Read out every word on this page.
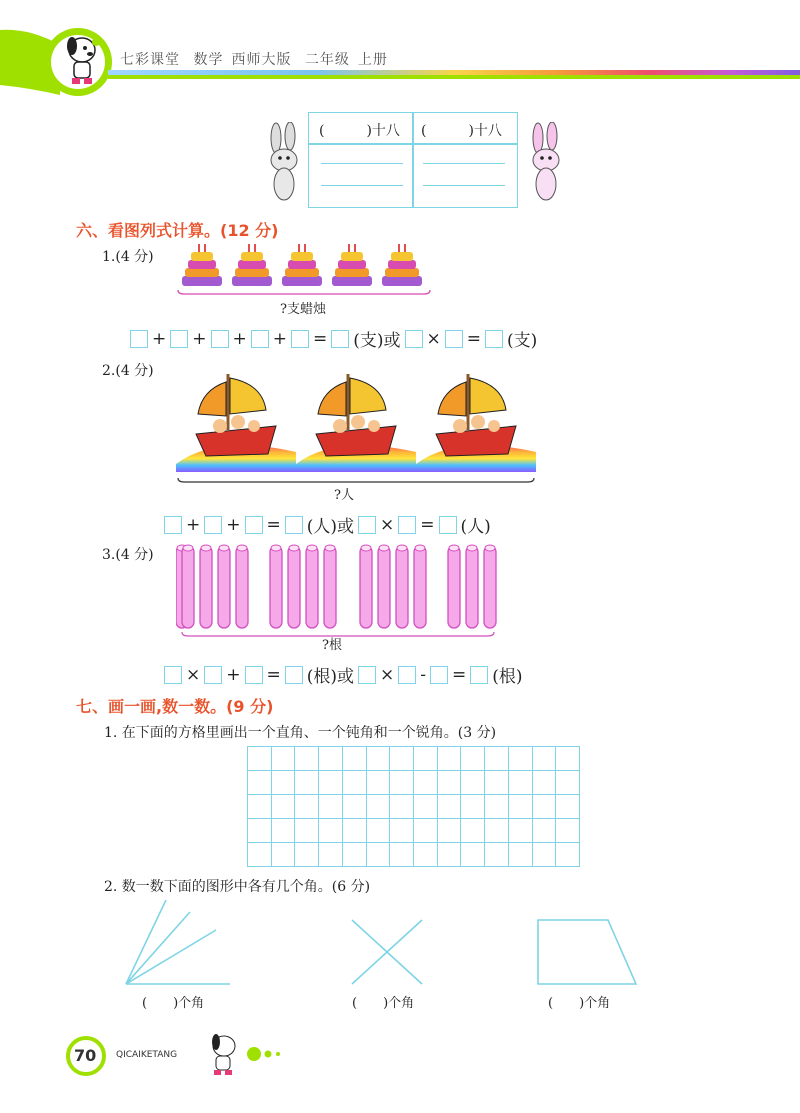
七彩课堂 数学 西师大版 二年级 上册
(　　　)十八 (　　　)十八
六、看图列式计算。(12 分)
1.(4 分)
?支蜡烛
+ + + + = (支)或 × = (支)
2.(4 分)
?人
+ + = (人)或 × = (人)
3.(4 分)
?根
× + = (根)或 × - = (根)
七、画一画,数一数。(9 分)
1. 在下面的方格里画出一个直角、一个钝角和一个锐角。(3 分)
2. 数一数下面的图形中各有几个角。(6 分)
(　　)个角	(　　)个角	(　　)个角
70 QICAIKETANG
